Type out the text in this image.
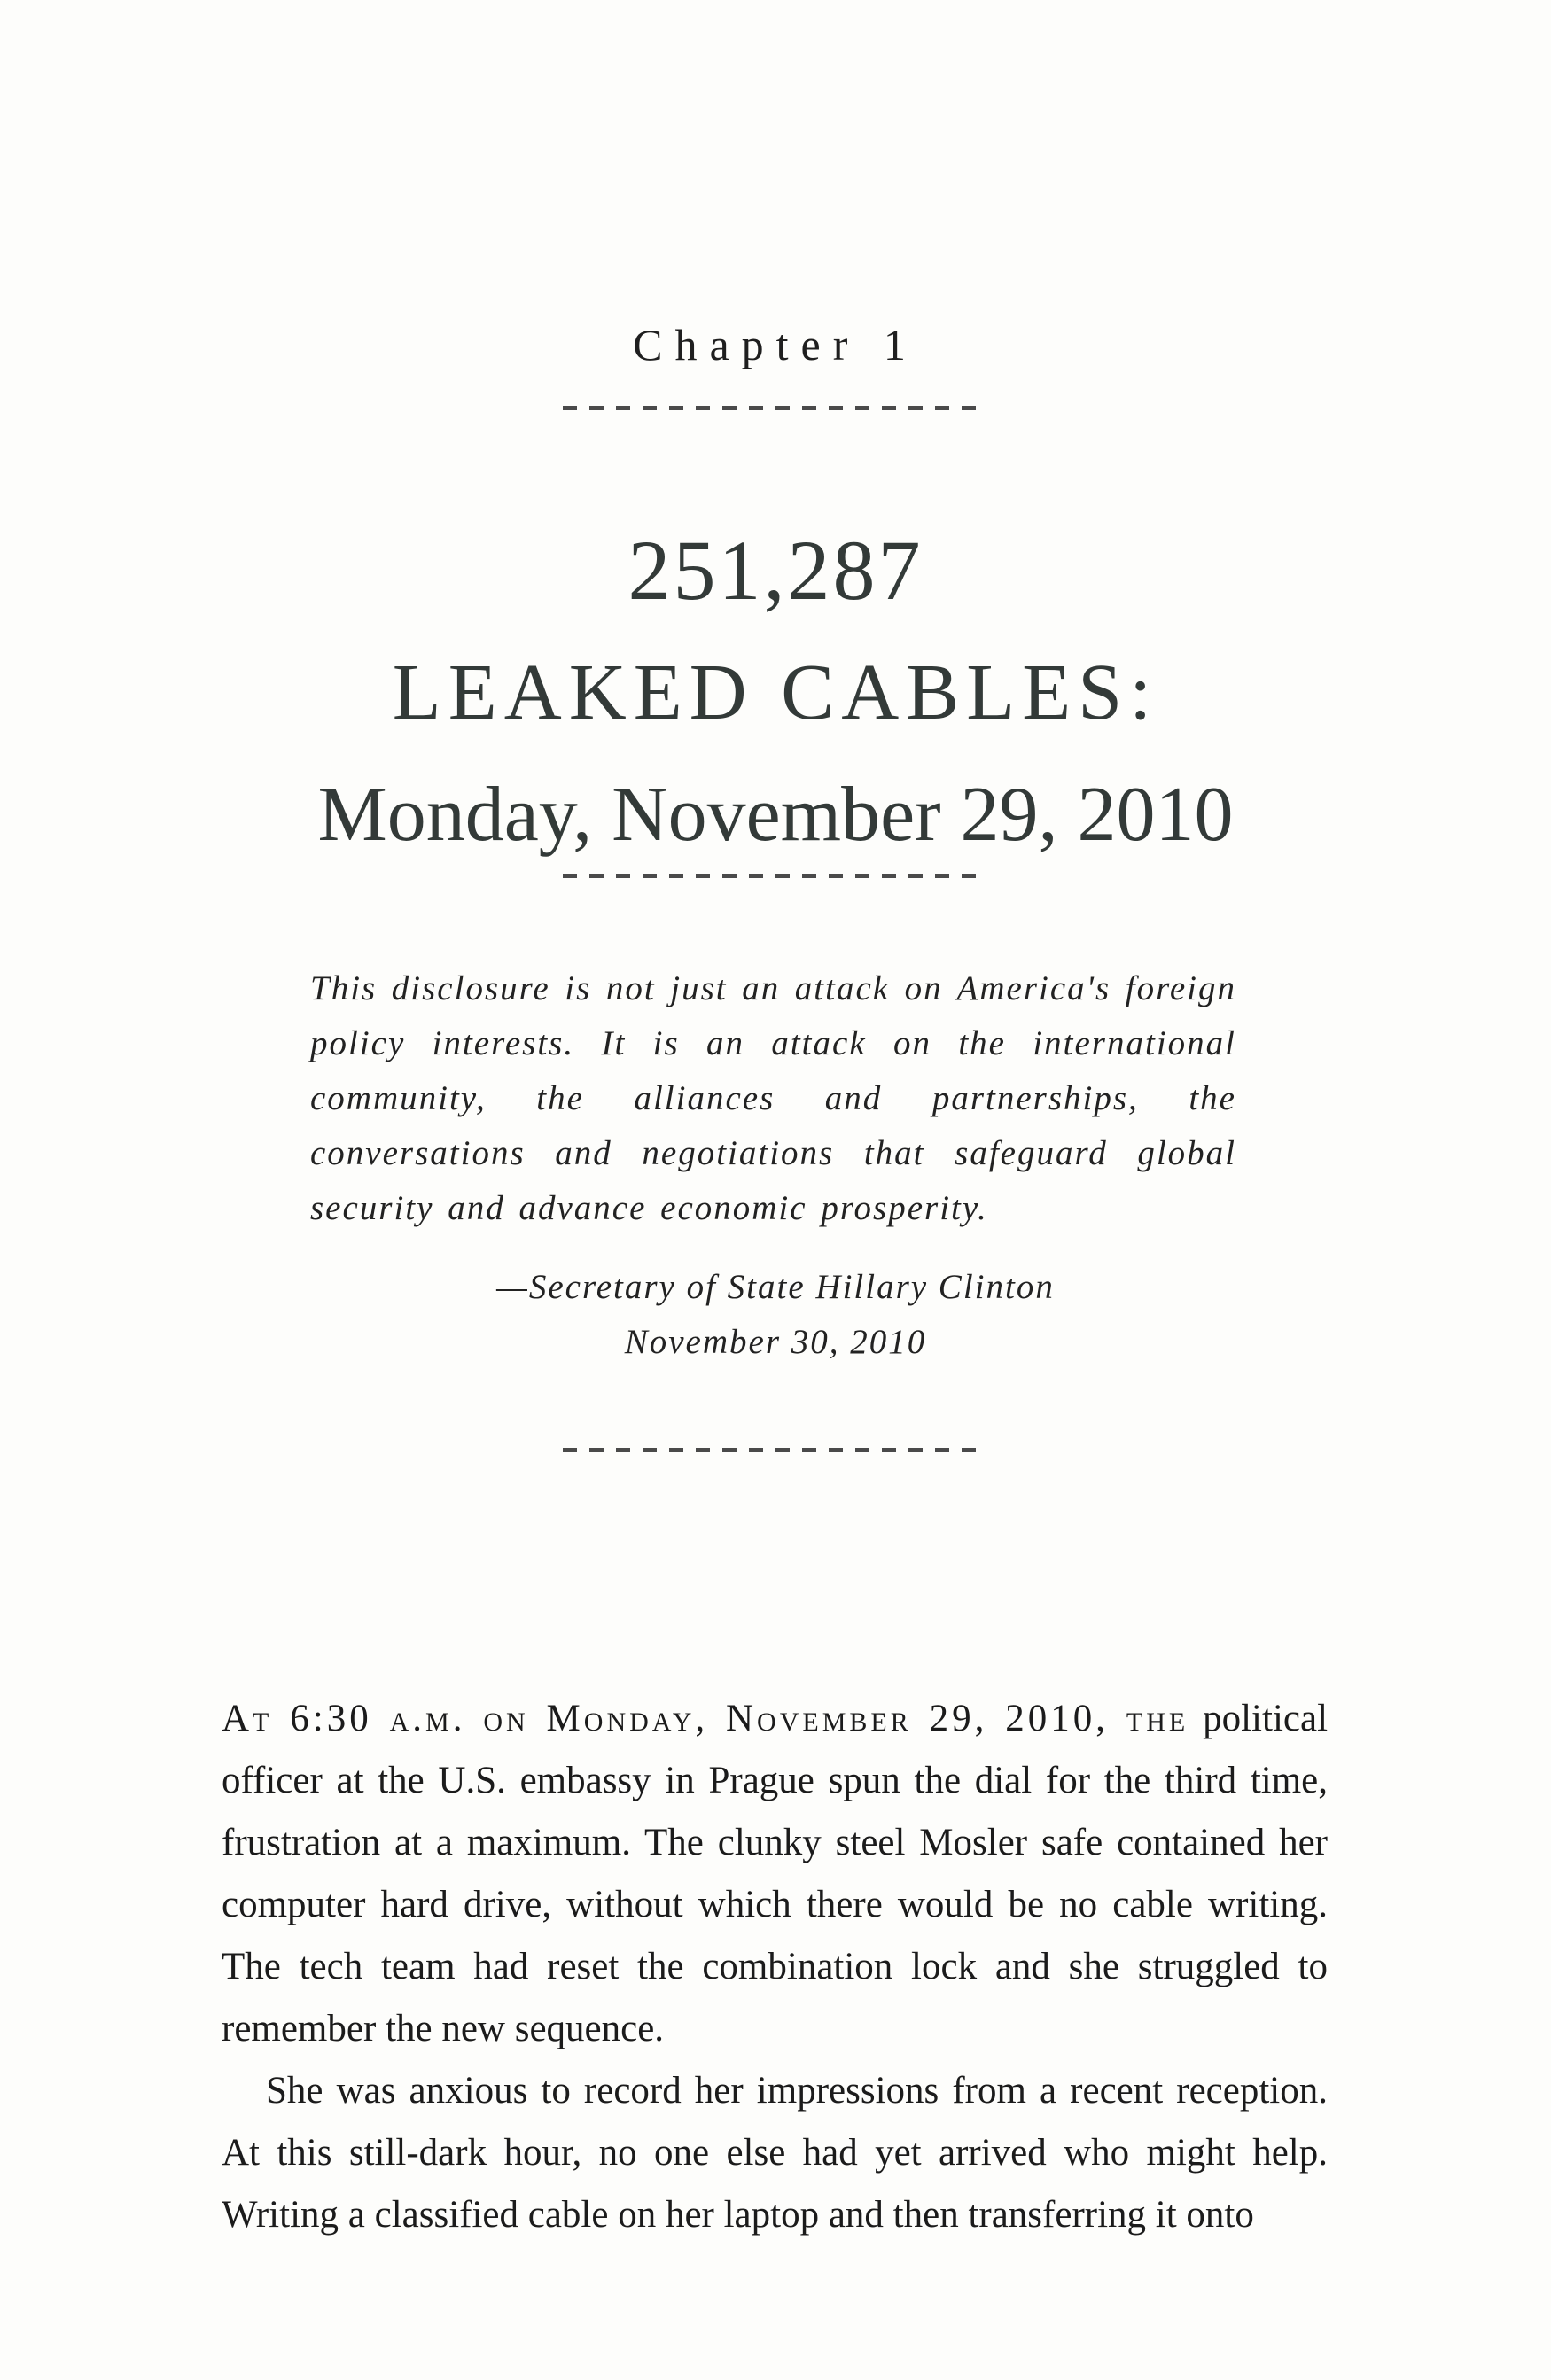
Chapter 1
251,287
LEAKED CABLES:
Monday, November 29, 2010
This disclosure is not just an attack on America's foreign policy interests. It is an attack on the international community, the alliances and partnerships, the conversations and negotiations that safeguard global security and advance economic prosperity.
—Secretary of State Hillary Clinton
November 30, 2010

At 6:30 a.m. on Monday, November 29, 2010, the political officer at the U.S. embassy in Prague spun the dial for the third time, frustration at a maximum. The clunky steel Mosler safe contained her computer hard drive, without which there would be no cable writing. The tech team had reset the combination lock and she struggled to remember the new sequence.

She was anxious to record her impressions from a recent reception. At this still-dark hour, no one else had yet arrived who might help. Writing a classified cable on her laptop and then transferring it onto
